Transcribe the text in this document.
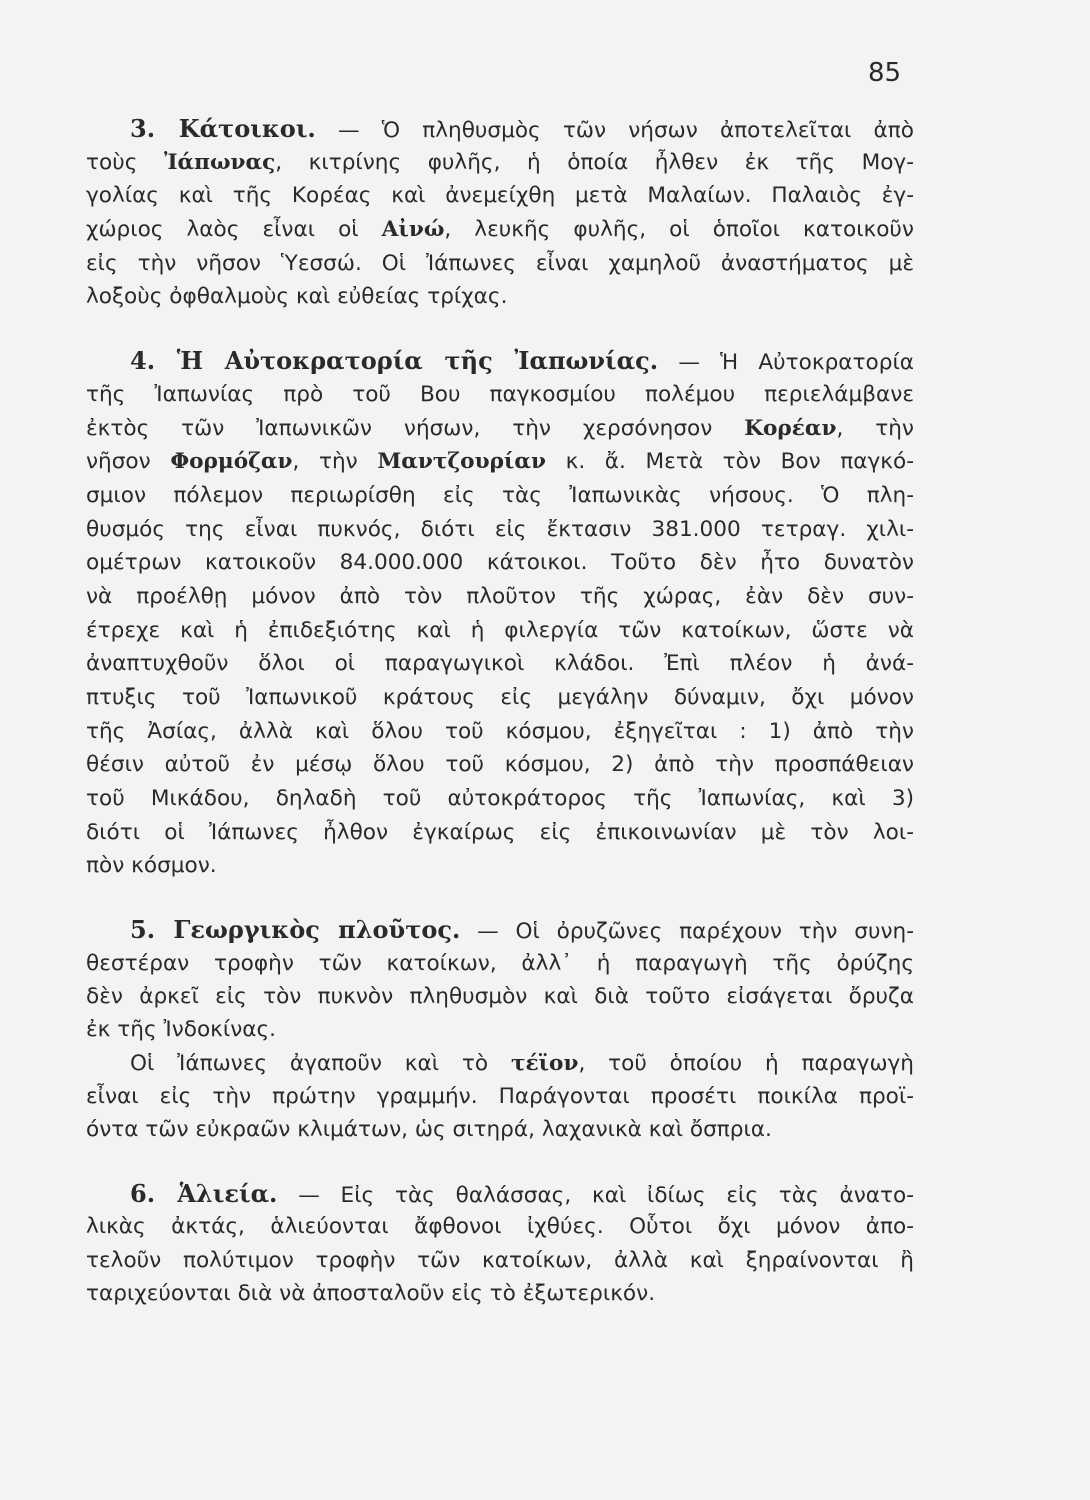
85
3. Κάτοικοι. — Ὁ πληθυσμὸς τῶν νήσων ἀποτελεῖται ἀπὸ
τοὺς Ἰάπωνας, κιτρίνης φυλῆς, ἡ ὁποία ἦλθεν ἐκ τῆς Μογ-
γολίας καὶ τῆς Κορέας καὶ ἀνεμείχθη μετὰ Μαλαίων. Παλαιὸς ἐγ-
χώριος λαὸς εἶναι οἱ Αἰνώ, λευκῆς φυλῆς, οἱ ὁποῖοι κατοικοῦν
εἰς τὴν νῆσον Ὑεσσώ. Οἱ Ἰάπωνες εἶναι χαμηλοῦ ἀναστήματος μὲ
λοξοὺς ὀφθαλμοὺς καὶ εὐθείας τρίχας.
4. Ἡ Αὐτοκρατορία τῆς Ἰαπωνίας. — Ἡ Αὐτοκρατορία
τῆς Ἰαπωνίας πρὸ τοῦ Βου παγκοσμίου πολέμου περιελάμβανε
ἐκτὸς τῶν Ἰαπωνικῶν νήσων, τὴν χερσόνησον Κορέαν, τὴν
νῆσον Φορμόζαν, τὴν Μαντζουρίαν κ. ἄ. Μετὰ τὸν Βον παγκό-
σμιον πόλεμον περιωρίσθη εἰς τὰς Ἰαπωνικὰς νήσους. Ὁ πλη-
θυσμός της εἶναι πυκνός, διότι εἰς ἔκτασιν 381.000 τετραγ. χιλι-
ομέτρων κατοικοῦν 84.000.000 κάτοικοι. Τοῦτο δὲν ἦτο δυνατὸν
νὰ προέλθῃ μόνον ἀπὸ τὸν πλοῦτον τῆς χώρας, ἐὰν δὲν συν-
έτρεχε καὶ ἡ ἐπιδεξιότης καὶ ἡ φιλεργία τῶν κατοίκων, ὥστε νὰ
ἀναπτυχθοῦν ὅλοι οἱ παραγωγικοὶ κλάδοι. Ἐπὶ πλέον ἡ ἀνά-
πτυξις τοῦ Ἰαπωνικοῦ κράτους εἰς μεγάλην δύναμιν, ὄχι μόνον
τῆς Ἀσίας, ἀλλὰ καὶ ὅλου τοῦ κόσμου, ἐξηγεῖται : 1) ἀπὸ τὴν
θέσιν αὐτοῦ ἐν μέσῳ ὅλου τοῦ κόσμου, 2) ἀπὸ τὴν προσπάθειαν
τοῦ Μικάδου, δηλαδὴ τοῦ αὐτοκράτορος τῆς Ἰαπωνίας, καὶ 3)
διότι οἱ Ἰάπωνες ἦλθον ἐγκαίρως εἰς ἐπικοινωνίαν μὲ τὸν λοι-
πὸν κόσμον.
5. Γεωργικὸς πλοῦτος. — Οἱ ὀρυζῶνες παρέχουν τὴν συνη-
θεστέραν τροφὴν τῶν κατοίκων, ἀλλ᾿ ἡ παραγωγὴ τῆς ὀρύζης
δὲν ἀρκεῖ εἰς τὸν πυκνὸν πληθυσμὸν καὶ διὰ τοῦτο εἰσάγεται ὄρυζα
ἐκ τῆς Ἰνδοκίνας.
Οἱ Ἰάπωνες ἀγαποῦν καὶ τὸ τέϊον, τοῦ ὁποίου ἡ παραγωγὴ
εἶναι εἰς τὴν πρώτην γραμμήν. Παράγονται προσέτι ποικίλα προϊ-
όντα τῶν εὐκραῶν κλιμάτων, ὡς σιτηρά, λαχανικὰ καὶ ὄσπρια.
6. Ἁλιεία. — Εἰς τὰς θαλάσσας, καὶ ἰδίως εἰς τὰς ἀνατο-
λικὰς ἀκτάς, ἁλιεύονται ἄφθονοι ἰχθύες. Οὗτοι ὄχι μόνον ἀπο-
τελοῦν πολύτιμον τροφὴν τῶν κατοίκων, ἀλλὰ καὶ ξηραίνονται ἢ
ταριχεύονται διὰ νὰ ἀποσταλοῦν εἰς τὸ ἐξωτερικόν.
